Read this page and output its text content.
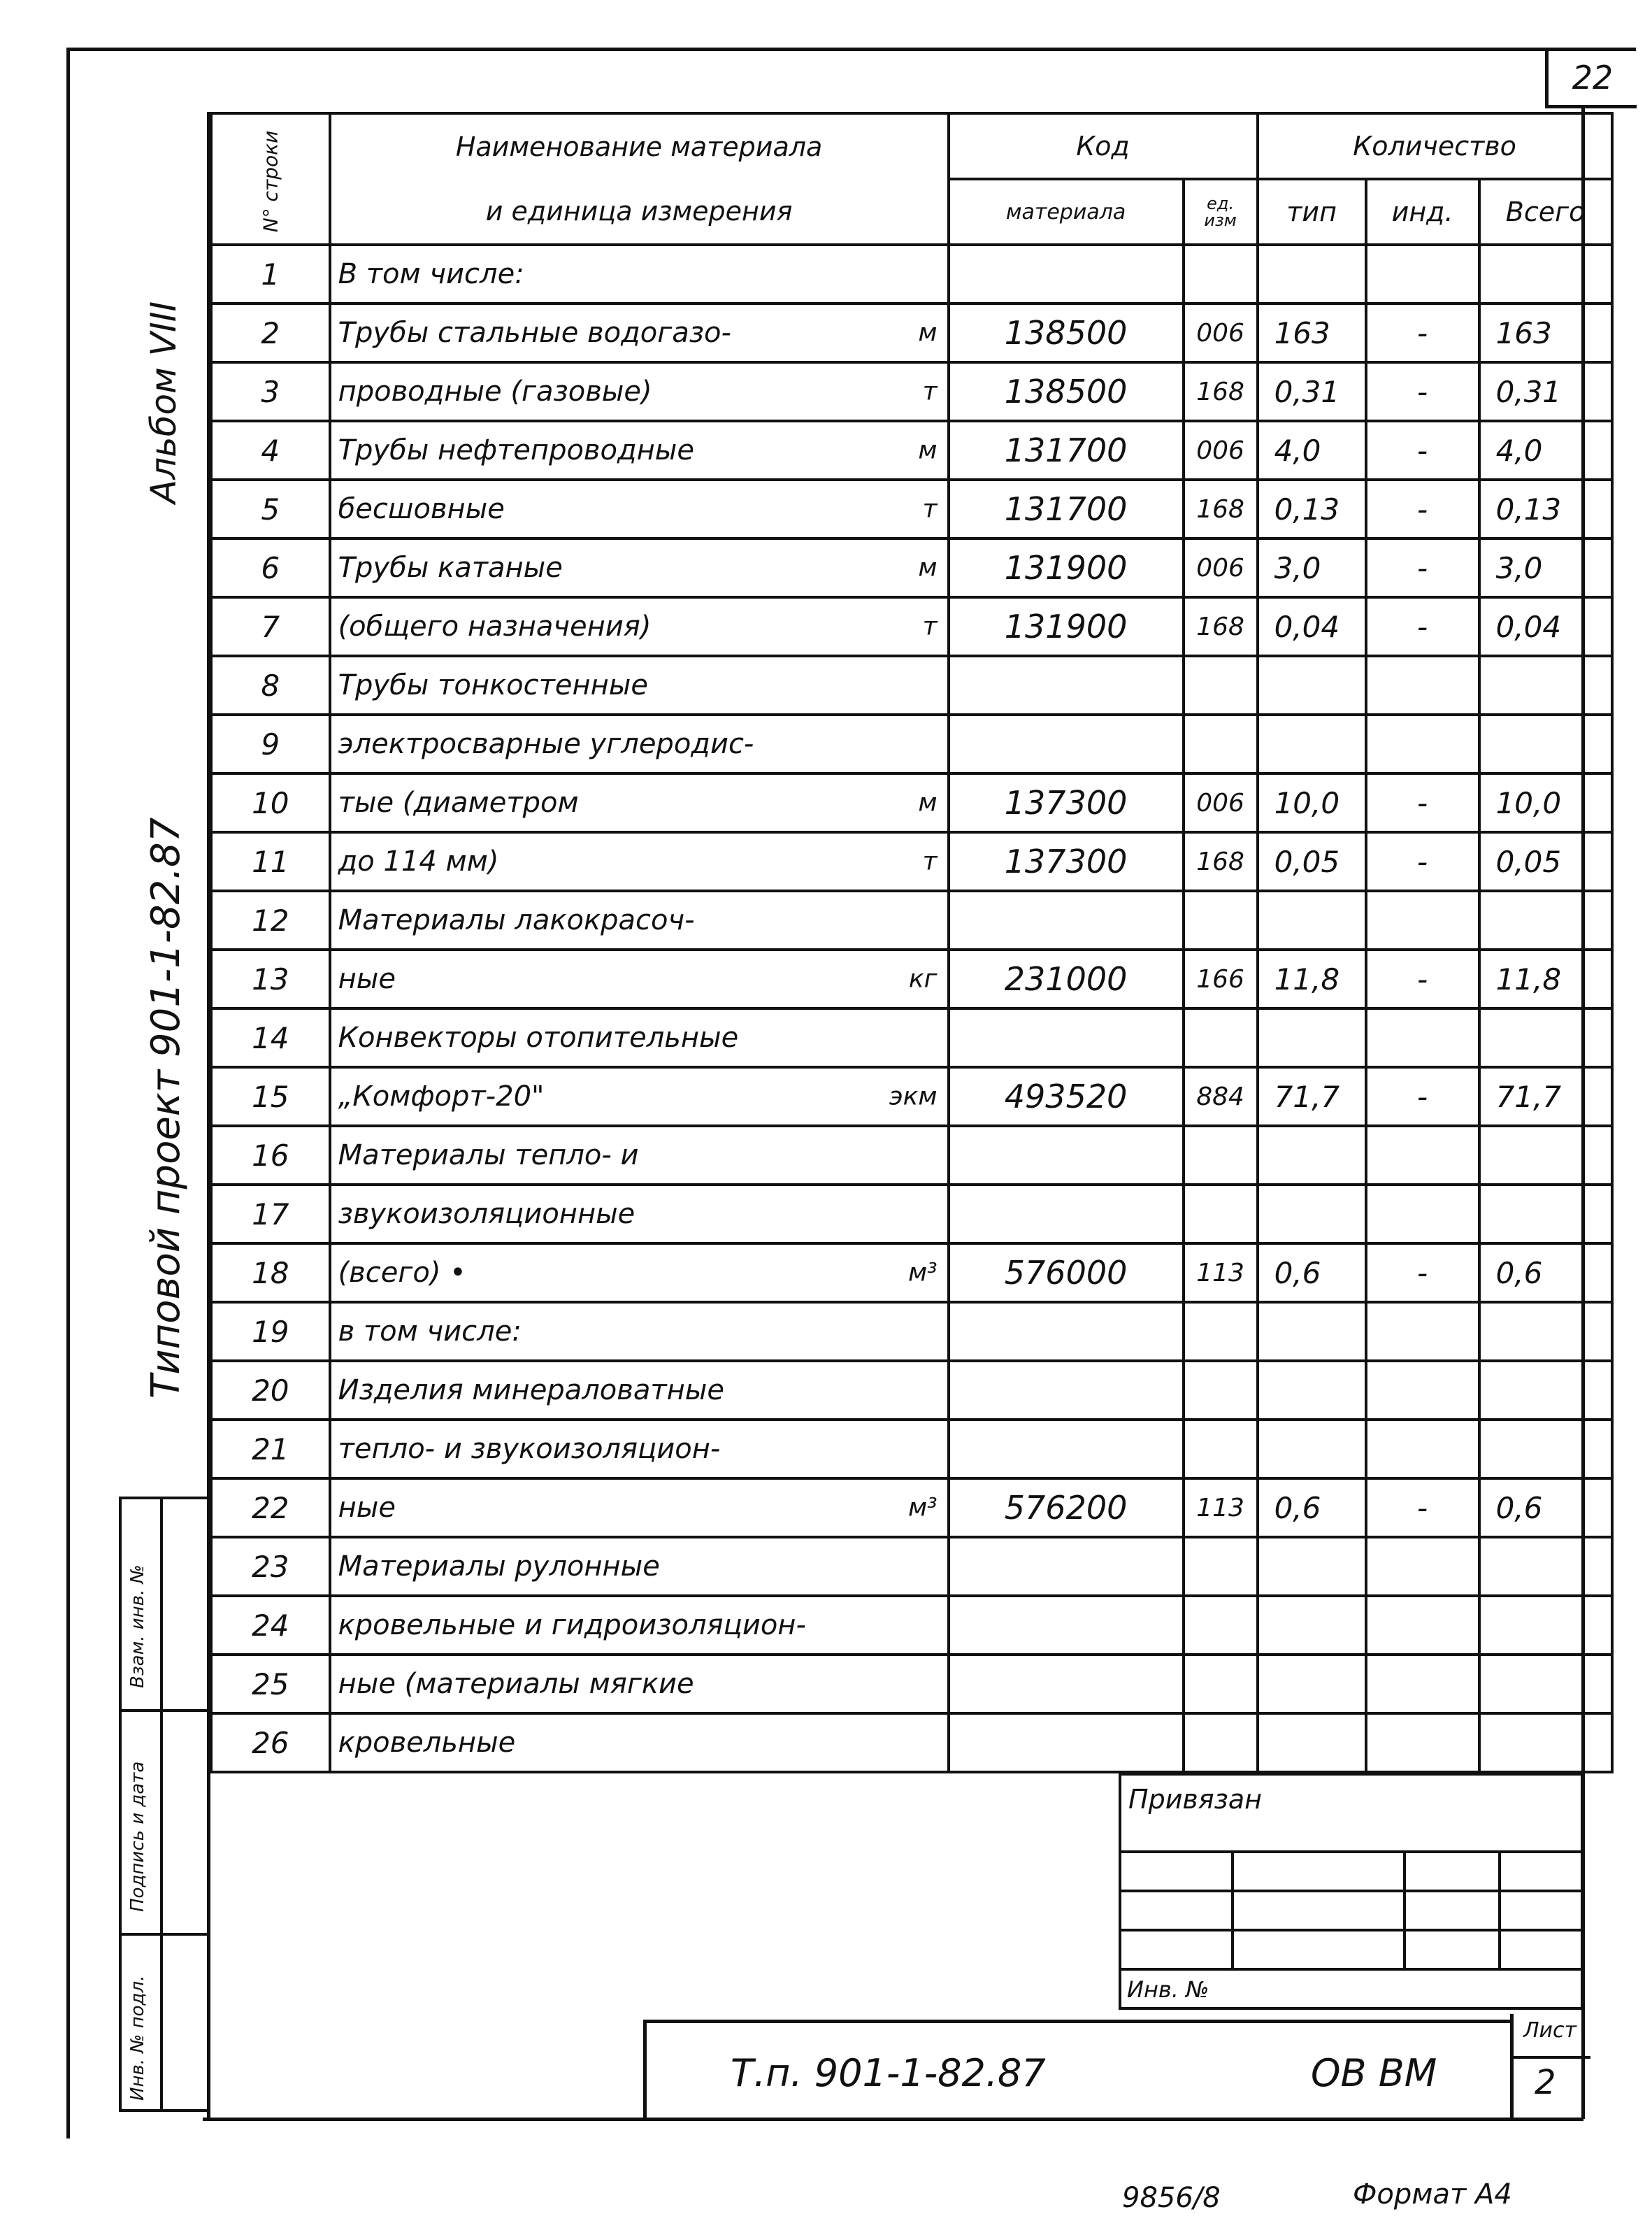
22
Альбом VIII
Типовой проект 901-1-82.87
Взам. инв. №
Подпись и дата
Инв. № подл.
N° строки	Наименование материала	Код		Количество		
	и единица измерения	материала	ед. изм	тип	инд.	Всего
1	В том числе:

2	Трубы стальные водогазо- м	138500	006	163	-	163
3	проводные (газовые) т	138500	168	0,31	-	0,31
4	Трубы нефтепроводные м	131700	006	4,0	-	4,0
5	бесшовные т	131700	168	0,13	-	0,13
6	Трубы катаные м	131900	006	3,0	-	3,0
7	(общего назначения) т	131900	168	0,04	-	0,04
8	Трубы тонкостенные

9	электросварные углеродис-

10	тые (диаметром м	137300	006	10,0	-	10,0
11	до 114 мм) т	137300	168	0,05	-	0,05
12	Материалы лакокрасоч-

13	ные кг	231000	166	11,8	-	11,8
14	Конвекторы отопительные

15	„Комфорт-20" экм	493520	884	71,7	-	71,7
16	Материалы тепло- и

17	звукоизоляционные

18	(всего) • м³	576000	113	0,6	-	0,6
19	в том числе:

20	Изделия минераловатные

21	тепло- и звукоизоляцион-

22	ные м³	576200	113	0,6	-	0,6
23	Материалы рулонные

24	кровельные и гидроизоляцион-

25	ные (материалы мягкие

26	кровельные

Привязан
Инв. №
Т.п. 901-1-82.87	ОВ ВМ
Лист
2
9856/8	Формат А4
